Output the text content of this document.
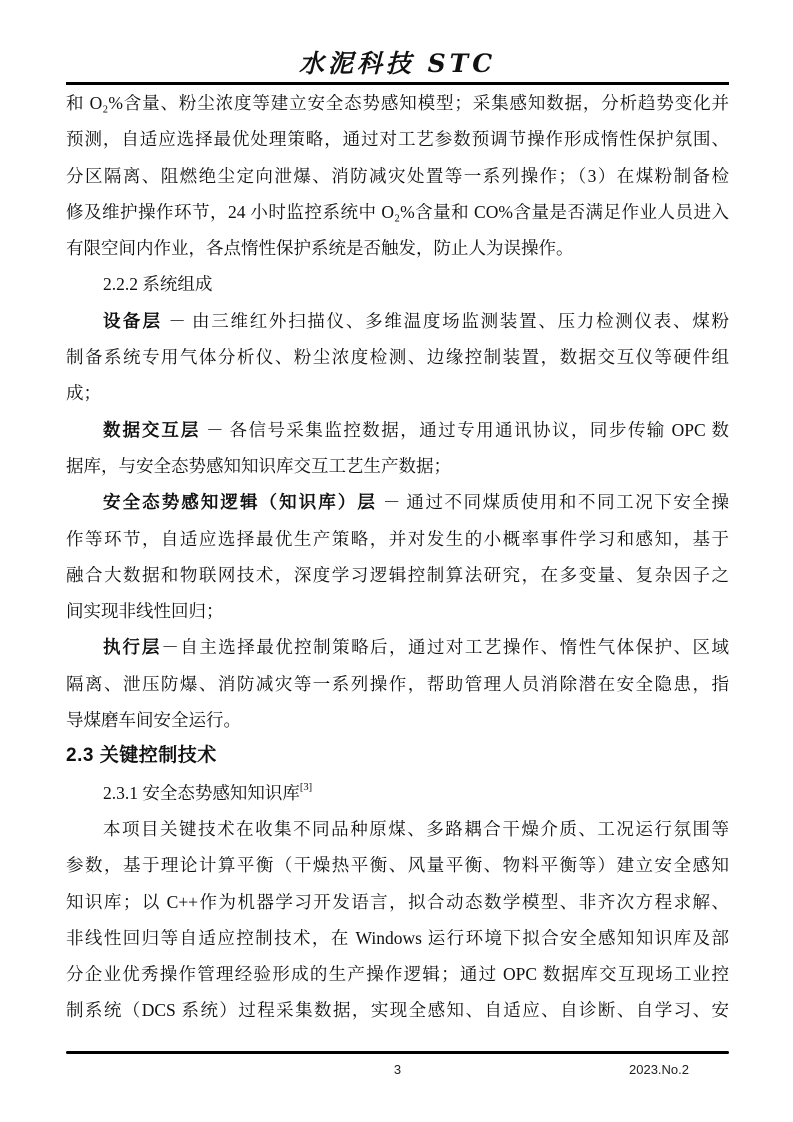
水泥科技 STC
和 O₂%含量、粉尘浓度等建立安全态势感知模型；采集感知数据，分析趋势变化并
预测，自适应选择最优处理策略，通过对工艺参数预调节操作形成惰性保护氛围、
分区隔离、阻燃绝尘定向泄爆、消防减灾处置等一系列操作；（3）在煤粉制备检
修及维护操作环节，24 小时监控系统中 O₂%含量和 CO%含量是否满足作业人员进入
有限空间内作业，各点惰性保护系统是否触发，防止人为误操作。
2.2.2 系统组成
设备层 － 由三维红外扫描仪、多维温度场监测装置、压力检测仪表、煤粉
制备系统专用气体分析仪、粉尘浓度检测、边缘控制装置，数据交互仪等硬件组
成；
数据交互层 － 各信号采集监控数据，通过专用通讯协议，同步传输 OPC 数
据库，与安全态势感知知识库交互工艺生产数据；
安全态势感知逻辑（知识库）层 － 通过不同煤质使用和不同工况下安全操
作等环节，自适应选择最优生产策略，并对发生的小概率事件学习和感知，基于
融合大数据和物联网技术，深度学习逻辑控制算法研究，在多变量、复杂因子之
间实现非线性回归；
执行层－自主选择最优控制策略后，通过对工艺操作、惰性气体保护、区域
隔离、泄压防爆、消防减灾等一系列操作，帮助管理人员消除潜在安全隐患，指
导煤磨车间安全运行。
2.3 关键控制技术
2.3.1 安全态势感知知识库[3]
本项目关键技术在收集不同品种原煤、多路耦合干燥介质、工况运行氛围等
参数，基于理论计算平衡（干燥热平衡、风量平衡、物料平衡等）建立安全感知
知识库；以 C++作为机器学习开发语言，拟合动态数学模型、非齐次方程求解、
非线性回归等自适应控制技术，在 Windows 运行环境下拟合安全感知知识库及部
分企业优秀操作管理经验形成的生产操作逻辑；通过 OPC 数据库交互现场工业控
制系统（DCS 系统）过程采集数据，实现全感知、自适应、自诊断、自学习、安
3	2023.No.2
